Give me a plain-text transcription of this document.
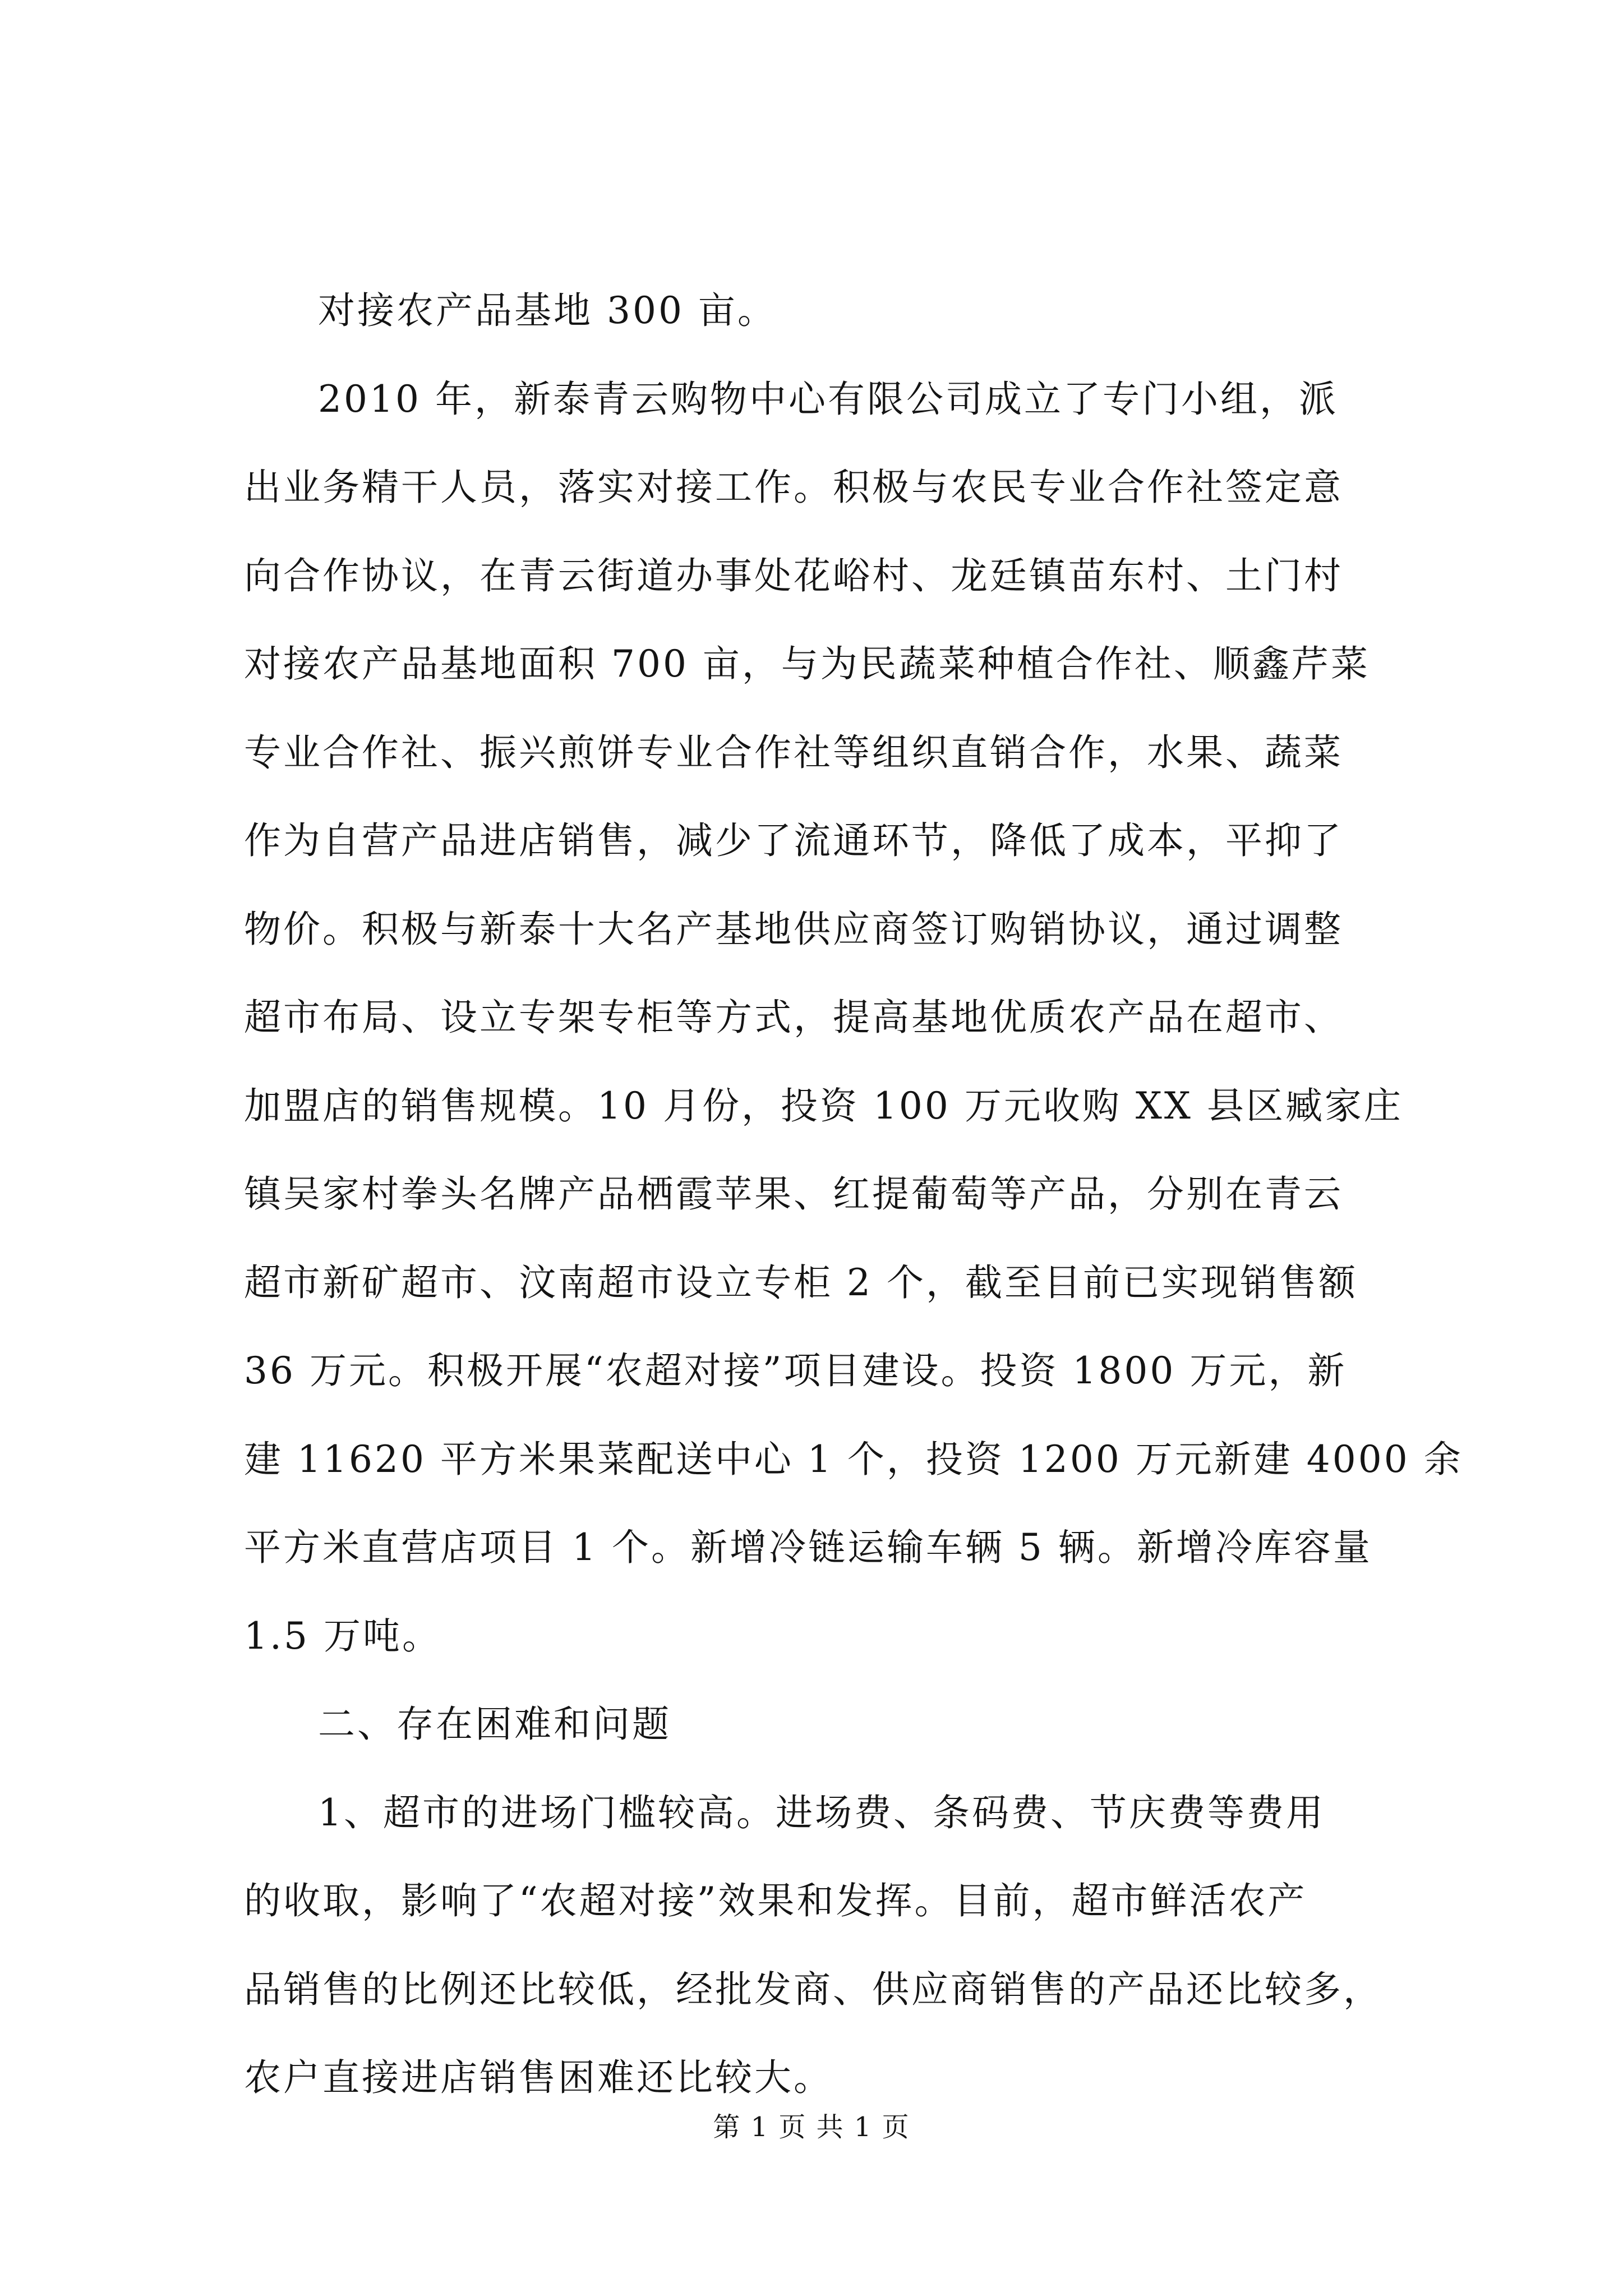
对接农产品基地 300 亩。

2010 年，新泰青云购物中心有限公司成立了专门小组，派
出业务精干人员，落实对接工作。积极与农民专业合作社签定意
向合作协议，在青云街道办事处花峪村、龙廷镇苗东村、土门村
对接农产品基地面积 700 亩，与为民蔬菜种植合作社、顺鑫芹菜
专业合作社、振兴煎饼专业合作社等组织直销合作，水果、蔬菜
作为自营产品进店销售，减少了流通环节，降低了成本，平抑了
物价。积极与新泰十大名产基地供应商签订购销协议，通过调整
超市布局、设立专架专柜等方式，提高基地优质农产品在超市、
加盟店的销售规模。10 月份，投资 100 万元收购 XX 县区臧家庄
镇吴家村拳头名牌产品栖霞苹果、红提葡萄等产品，分别在青云
超市新矿超市、汶南超市设立专柜 2 个，截至目前已实现销售额
36 万元。积极开展“农超对接”项目建设。投资 1800 万元，新
建 11620 平方米果菜配送中心 1 个，投资 1200 万元新建 4000 余
平方米直营店项目 1 个。新增冷链运输车辆 5 辆。新增冷库容量
1.5 万吨。

二、存在困难和问题

1、超市的进场门槛较高。进场费、条码费、节庆费等费用
的收取，影响了“农超对接”效果和发挥。目前，超市鲜活农产
品销售的比例还比较低，经批发商、供应商销售的产品还比较多，
农户直接进店销售困难还比较大。

第 1 页 共 1 页
